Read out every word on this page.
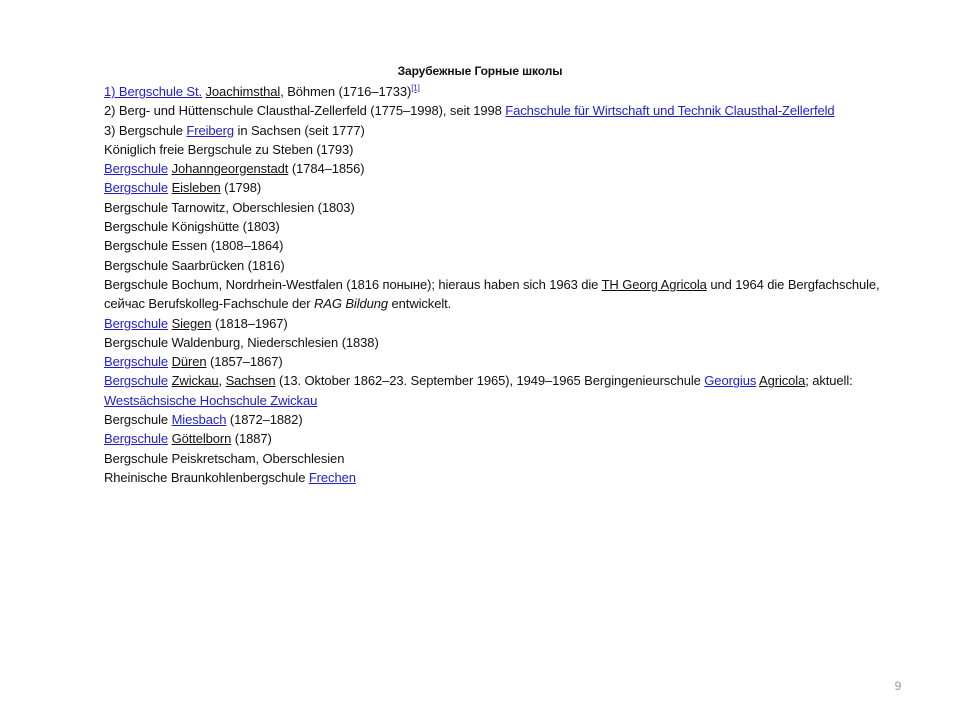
Зарубежные Горные школы
1) Bergschule St. Joachimsthal, Böhmen (1716–1733)[1]
2) Berg- und Hüttenschule Clausthal-Zellerfeld (1775–1998), seit 1998 Fachschule für Wirtschaft und Technik Clausthal-Zellerfeld
3) Bergschule Freiberg in Sachsen (seit 1777)
Königlich freie Bergschule zu Steben (1793)
Bergschule Johanngeorgenstadt (1784–1856)
Bergschule Eisleben (1798)
Bergschule Tarnowitz, Oberschlesien (1803)
Bergschule Königshütte (1803)
Bergschule Essen (1808–1864)
Bergschule Saarbrücken (1816)
Bergschule Bochum, Nordrhein-Westfalen (1816 поныне); hieraus haben sich 1963 die TH Georg Agricola und 1964 die Bergfachschule, сейчас Berufskolleg-Fachschule der RAG Bildung entwickelt.
Bergschule Siegen (1818–1967)
Bergschule Waldenburg, Niederschlesien (1838)
Bergschule Düren (1857–1867)
Bergschule Zwickau, Sachsen (13. Oktober 1862–23. September 1965), 1949–1965 Bergingenieurschule Georgius Agricola; aktuell: Westsächsische Hochschule Zwickau
Bergschule Miesbach (1872–1882)
Bergschule Göttelborn (1887)
Bergschule Peiskretscham, Oberschlesien
Rheinische Braunkohlenbergschule Frechen
9
